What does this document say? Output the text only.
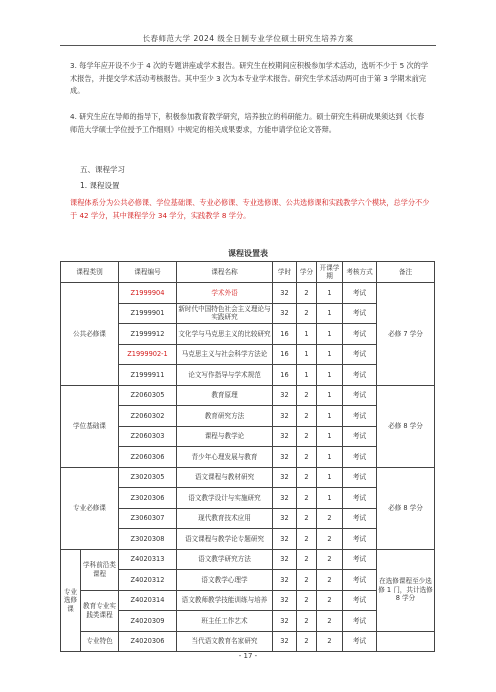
长春师范大学 2024 级全日制专业学位硕士研究生培养方案
3. 每学年应开设不少于 4 次的专题讲座或学术报告。研究生在校期间应积极参加学术活动，选听不少于 5 次的学术报告，并提交学术活动考核报告。其中至少 3 次为本专业学术报告。研究生学术活动两可由于第 3 学期末前完成。
4. 研究生应在导师的指导下，积极参加教育教学研究，培养独立的科研能力。硕士研究生科研成果须达到《长春师范大学硕士学位授予工作细则》中规定的相关成果要求，方能申请学位论文答辩。
五、课程学习
1. 课程设置
课程体系分为公共必修课、学位基础课、专业必修课、专业选修课、公共选修课和实践教学六个模块，总学分不少于 42 学分，其中课程学分 34 学分，实践教学 8 学分。
课程设置表
课程类别		课程编号	课程名称	学时	学分	开课学期	考核方式	备注
公共必修课		Z1999904	学术外语	32	2	1	考试	必修 7 学分
		Z1999901	新时代中国特色社会主义理论与实践研究	32	2	1	考试	
		Z1999912	文化学与马克思主义的比较研究	16	1	1	考试	
		Z1999902-1	马克思主义与社会科学方法论	16	1	1	考试	
		Z1999911	论文写作指导与学术规范	16	1	1	考试	
学位基础课		Z2060305	教育原理	32	2	1	考试	必修 8 学分
		Z2060302	教育研究方法	32	2	1	考试	
		Z2060303	课程与教学论	32	2	1	考试	
		Z2060306	青少年心理发展与教育	32	2	1	考试	
专业必修课		Z3020305	语文课程与教材研究	32	2	1	考试	必修 8 学分
		Z3020306	语文教学设计与实施研究	32	2	1	考试	
		Z3060307	现代教育技术应用	32	2	2	考试	
		Z3020308	语文课程与教学论专题研究	32	2	2	考试	
专业选修课	学科前沿类课程	Z4020313	语文教学研究方法	32	2	2	考试	在选修课程至少选修 1 门，共计选修 8 学分
		Z4020312	语文教学心理学	32	2	2	考试	
	教育专业实践类课程	Z4020314	语文教师教学技能训练与培养	32	2	2	考试	
		Z4020309	班主任工作艺术	32	2	2	考试	
	专业特色	Z4020306	当代语文教育名家研究	32	2	2	考试	
- 17 -
